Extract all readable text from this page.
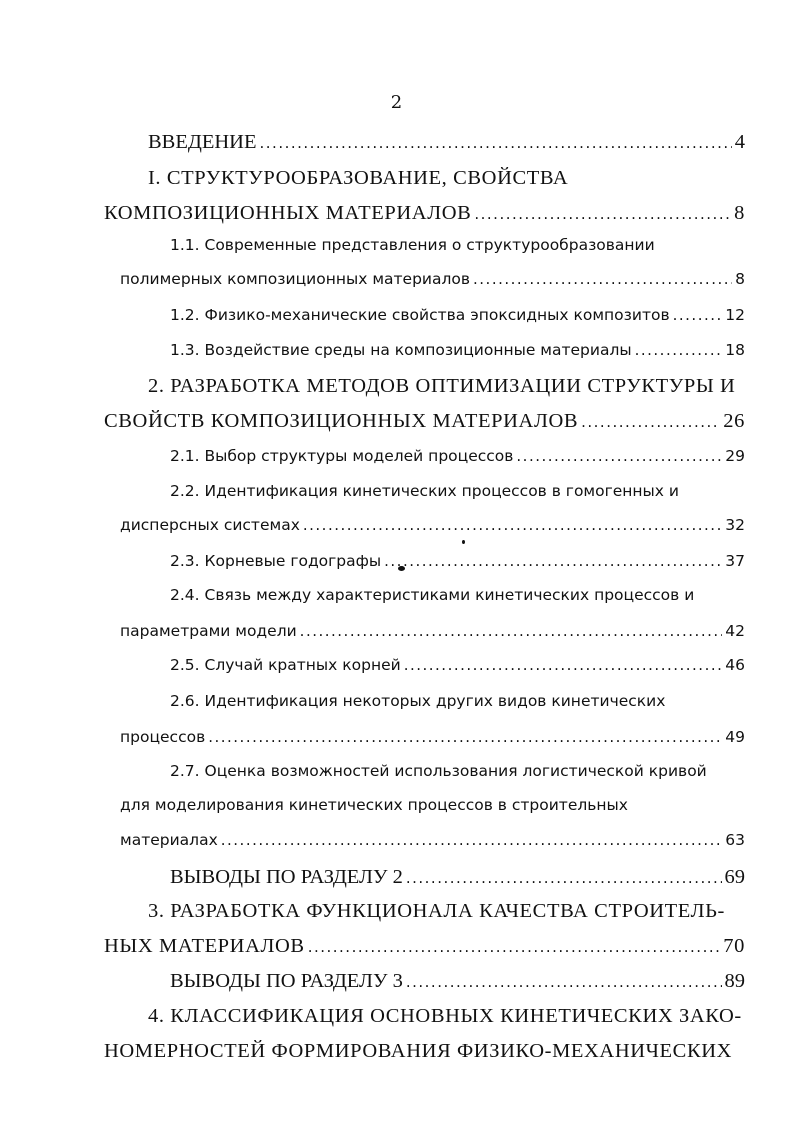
2
ВВЕДЕНИЕ .....	4
I. СТРУКТУРООБРАЗОВАНИЕ, СВОЙСТВА
КОМПОЗИЦИОННЫХ МАТЕРИАЛОВ .....	8
1.1. Современные представления о структурообразовании
полимерных композиционных материалов .....	8
1.2. Физико-механические свойства эпоксидных композитов .....	12
1.3. Воздействие среды на композиционные материалы .....	18
2. РАЗРАБОТКА МЕТОДОВ ОПТИМИЗАЦИИ СТРУКТУРЫ И
СВОЙСТВ КОМПОЗИЦИОННЫХ МАТЕРИАЛОВ .....	26
2.1. Выбор структуры моделей процессов .....	29
2.2. Идентификация кинетических процессов в гомогенных и
дисперсных системах .....	32
2.3. Корневые годографы .....	37
2.4. Связь между характеристиками кинетических процессов и
параметрами модели .....	42
2.5. Случай кратных корней .....	46
2.6. Идентификация некоторых других видов кинетических
процессов .....	49
2.7. Оценка возможностей использования логистической кривой
для моделирования кинетических процессов в строительных
материалах .....	63
ВЫВОДЫ ПО РАЗДЕЛУ 2 .....	69
3. РАЗРАБОТКА ФУНКЦИОНАЛА КАЧЕСТВА СТРОИТЕЛЬ-
НЫХ МАТЕРИАЛОВ .....	70
ВЫВОДЫ ПО РАЗДЕЛУ 3 .....	89
4. КЛАССИФИКАЦИЯ ОСНОВНЫХ КИНЕТИЧЕСКИХ ЗАКО-
НОМЕРНОСТЕЙ ФОРМИРОВАНИЯ ФИЗИКО-МЕХАНИЧЕСКИХ
